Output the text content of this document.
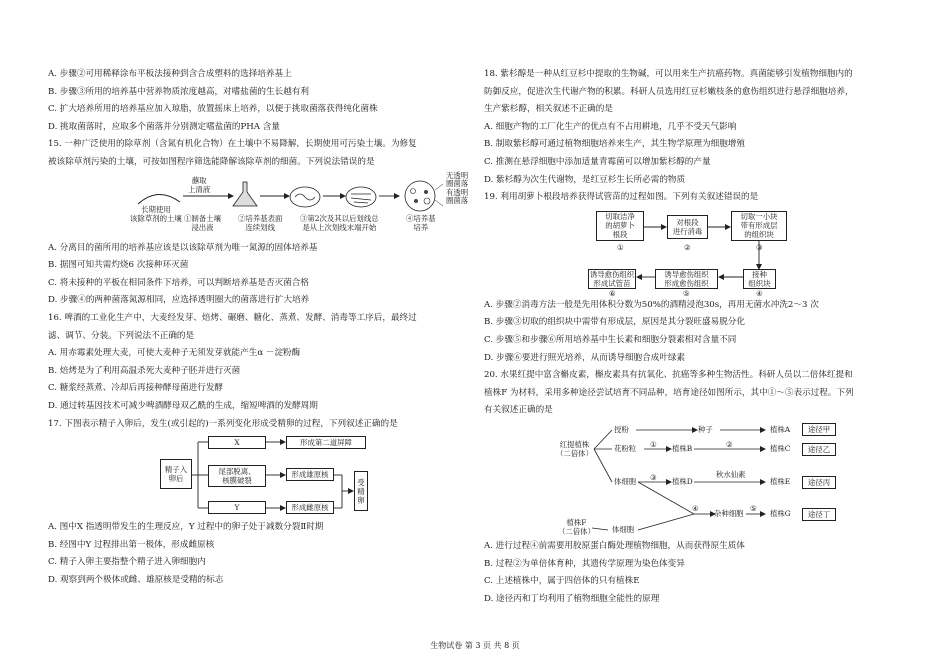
A. 步骤②可用稀释涂布平板法接种到含合成塑料的选择培养基上

B. 步骤③所用的培养基中营养物质浓度越高，对嗜盐菌的生长越有利

C. 扩大培养所用的培养基应加入琼脂，放置摇床上培养，以便于挑取菌落获得纯化菌株

D. 挑取菌落时，应取多个菌落并分别测定嗜盐菌的PHA 含量

15. 一种广泛使用的除草剂（含氮有机化合物）在土壤中不易降解，长期使用可污染土壤。为修复

被该除草剂污染的土壤，可按如图程序筛选能降解该除草剂的细菌。下列说法错误的是

长期使用
该除草剂的土壤
蘸取
上清液
无透明
圈菌落
有透明
圈菌落
①制备土壤
浸出液
②培养基表面
连续划线
③第2次及其以后划线总
是从上次划线末端开始
④培养基
培养

A. 分离目的菌所用的培养基应该是以该除草剂为唯一氮源的固体培养基

B. 据图可知共需灼烧6 次接种环灭菌

C. 将未接种的平板在相同条件下培养，可以判断培养基是否灭菌合格

D. 步骤④的两种菌落氮源相同，应选择透明圈大的菌落进行扩大培养

16. 啤酒的工业化生产中，大麦经发芽、焙烤、碾磨、糖化、蒸煮、发酵、消毒等工序后，最终过

滤、调节、分装。下列说法不正确的是

A. 用赤霉素处理大麦，可使大麦种子无须发芽就能产生α －淀粉酶

B. 焙烤是为了利用高温杀死大麦种子胚并进行灭菌

C. 糖浆经蒸煮、冷却后再接种酵母菌进行发酵

D. 通过转基因技术可减少啤酒酵母双乙酰的生成，缩短啤酒的发酵周期

17. 下图表示精子入卵后，发生(或引起的)一系列变化形成受精卵的过程，下列叙述正确的是

精子入
卵后
X
尾部脱离、
核膜破裂
Y
形成第二道屏障
形成雄原核
形成雌原核
受
精
卵

A. 图中X 指透明带发生的生理反应，Y 过程中的卵子处于减数分裂Ⅱ时期

B. 经图中Y 过程排出第一极体，形成雌原核

C. 精子入卵主要指整个精子进入卵细胞内

D. 观察到两个极体或雌、雄原核是受精的标志

18. 紫杉醇是一种从红豆杉中提取的生物碱，可以用来生产抗癌药物。真菌能够引发植物细胞内的

防御反应，促进次生代谢产物的积累。科研人员选用红豆杉嫩枝条的愈伤组织进行悬浮细胞培养，

生产紫杉醇，相关叙述不正确的是

A. 细胞产物的工厂化生产的优点有不占用耕地，几乎不受天气影响

B. 制取紫杉醇可通过植物细胞培养来生产，其生物学原理为细胞增殖

C. 推测在悬浮细胞中添加适量青霉菌可以增加紫杉醇的产量

D. 紫杉醇为次生代谢物，是红豆杉生长所必需的物质

19. 利用胡萝卜根段培养获得试管苗的过程如图。下列有关叙述错误的是

切取洁净
的胡萝卜
根段
对根段
进行消毒
切取一小块
带有形成层
的组织块
接种
组织块
诱导愈伤组织
形成愈伤组织
诱导愈伤组织
形成试管苗
①	②	③
④
⑤
⑥

A. 步骤②消毒方法一般是先用体积分数为50%的酒精浸泡30s，再用无菌水冲洗2～3 次

B. 步骤③切取的组织块中需带有形成层，原因是其分裂旺盛易脱分化

C. 步骤⑤和步骤⑥所用培养基中生长素和细胞分裂素相对含量不同

D. 步骤⑥要进行照光培养，从而诱导细胞合成叶绿素

20. 水果红提中富含槲皮素，槲皮素具有抗氧化、抗癌等多种生物活性。科研人员以二倍体红提和

植株F 为材料，采用多种途径尝试培育不同品种，培育途径如图所示，其中①～⑤表示过程。下列

有关叙述正确的是

红提植株
（二倍体）
植株F
（二倍体）
授粉	种子
花粉粒
体细胞
体细胞
秋水仙素
杂种细胞
植株A
植株B	植株C
植株D	植株E
植株G
途径甲
途径乙
途径丙
途径丁
①	②
③
④	⑤

A. 进行过程④前需要用胶原蛋白酶处理植物细胞，从而获得原生质体

B. 过程②为单倍体育种，其遗传学原理为染色体变异

C. 上述植株中，属于四倍体的只有植株E

D. 途径丙和丁均利用了植物细胞全能性的原理

生物试卷 第 3 页 共 8 页
